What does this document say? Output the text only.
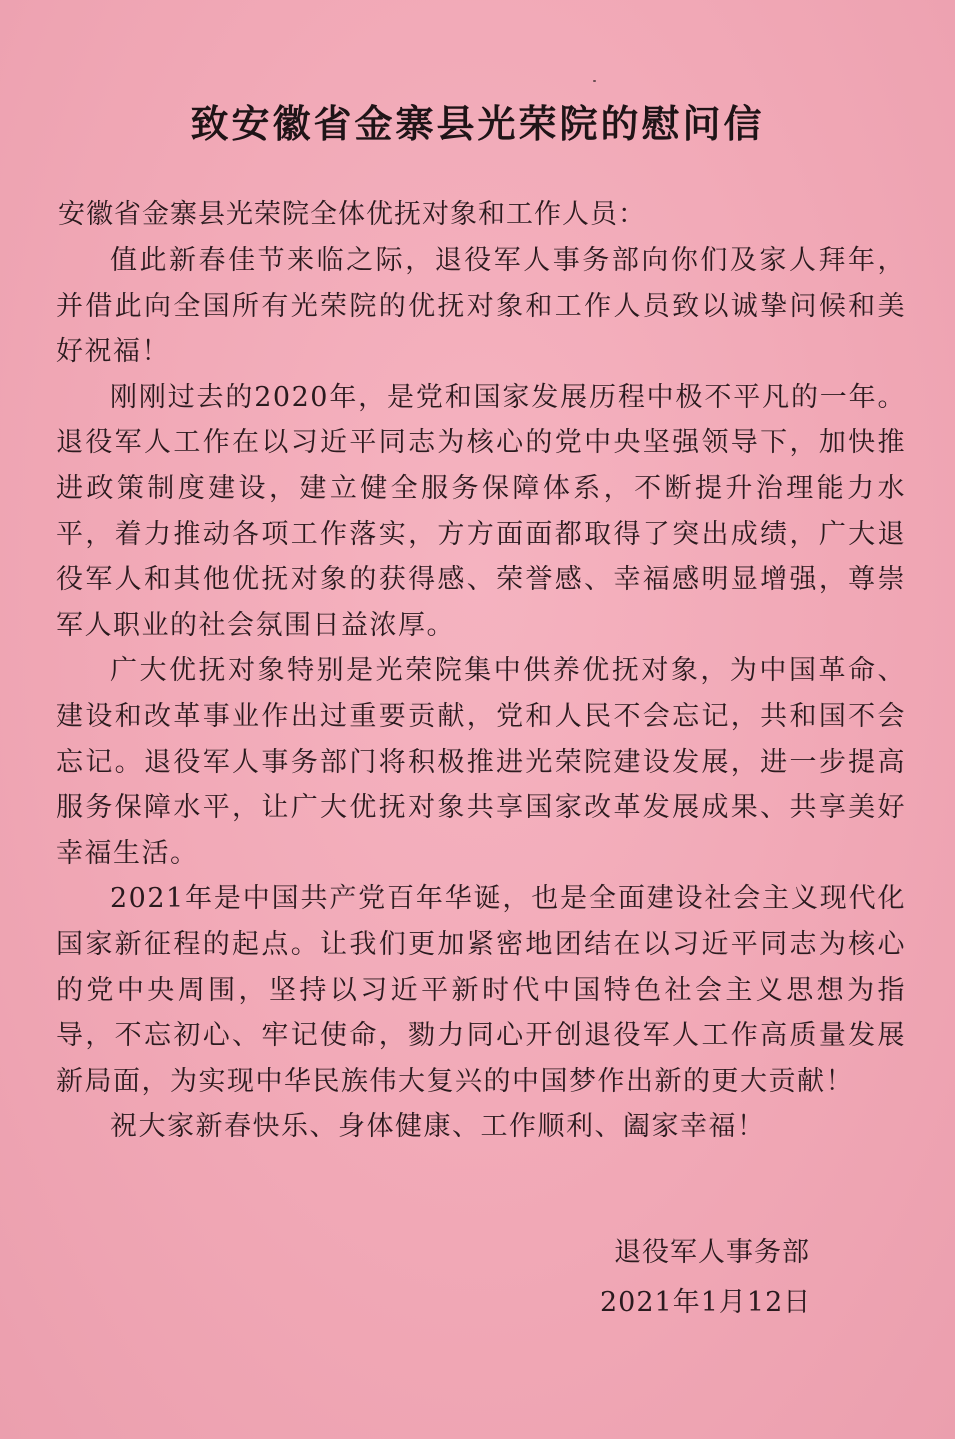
致安徽省金寨县光荣院的慰问信
安徽省金寨县光荣院全体优抚对象和工作人员：

值此新春佳节来临之际，退役军人事务部向你们及家人拜年，并借此向全国所有光荣院的优抚对象和工作人员致以诚挚问候和美好祝福！

刚刚过去的2020年，是党和国家发展历程中极不平凡的一年。退役军人工作在以习近平同志为核心的党中央坚强领导下，加快推进政策制度建设，建立健全服务保障体系，不断提升治理能力水平，着力推动各项工作落实，方方面面都取得了突出成绩，广大退役军人和其他优抚对象的获得感、荣誉感、幸福感明显增强，尊崇军人职业的社会氛围日益浓厚。

广大优抚对象特别是光荣院集中供养优抚对象，为中国革命、建设和改革事业作出过重要贡献，党和人民不会忘记，共和国不会忘记。退役军人事务部门将积极推进光荣院建设发展，进一步提高服务保障水平，让广大优抚对象共享国家改革发展成果、共享美好幸福生活。

2021年是中国共产党百年华诞，也是全面建设社会主义现代化国家新征程的起点。让我们更加紧密地团结在以习近平同志为核心的党中央周围，坚持以习近平新时代中国特色社会主义思想为指导，不忘初心、牢记使命，勠力同心开创退役军人工作高质量发展新局面，为实现中华民族伟大复兴的中国梦作出新的更大贡献！

祝大家新春快乐、身体健康、工作顺利、阖家幸福！

退役军人事务部
2021年1月12日
